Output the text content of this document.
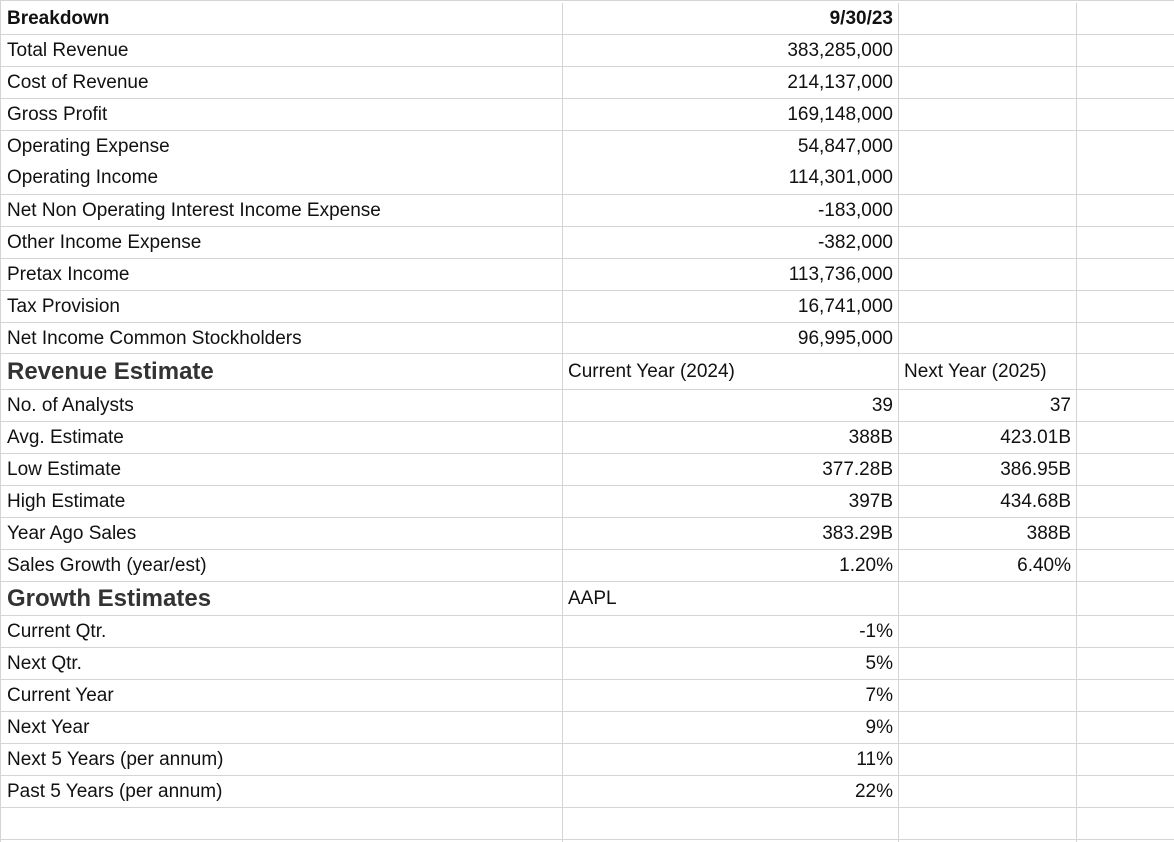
Breakdown	9/30/23
Total Revenue	383,285,000
Cost of Revenue	214,137,000
Gross Profit	169,148,000
Operating Expense	54,847,000
Operating Income	114,301,000
Net Non Operating Interest Income Expense	-183,000
Other Income Expense	-382,000
Pretax Income	113,736,000
Tax Provision	16,741,000
Net Income Common Stockholders	96,995,000
Revenue Estimate	Current Year (2024)	Next Year (2025)
No. of Analysts	39	37
Avg. Estimate	388B	423.01B
Low Estimate	377.28B	386.95B
High Estimate	397B	434.68B
Year Ago Sales	383.29B	388B
Sales Growth (year/est)	1.20%	6.40%
Growth Estimates	AAPL
Current Qtr.	-1%
Next Qtr.	5%
Current Year	7%
Next Year	9%
Next 5 Years (per annum)	11%
Past 5 Years (per annum)	22%
